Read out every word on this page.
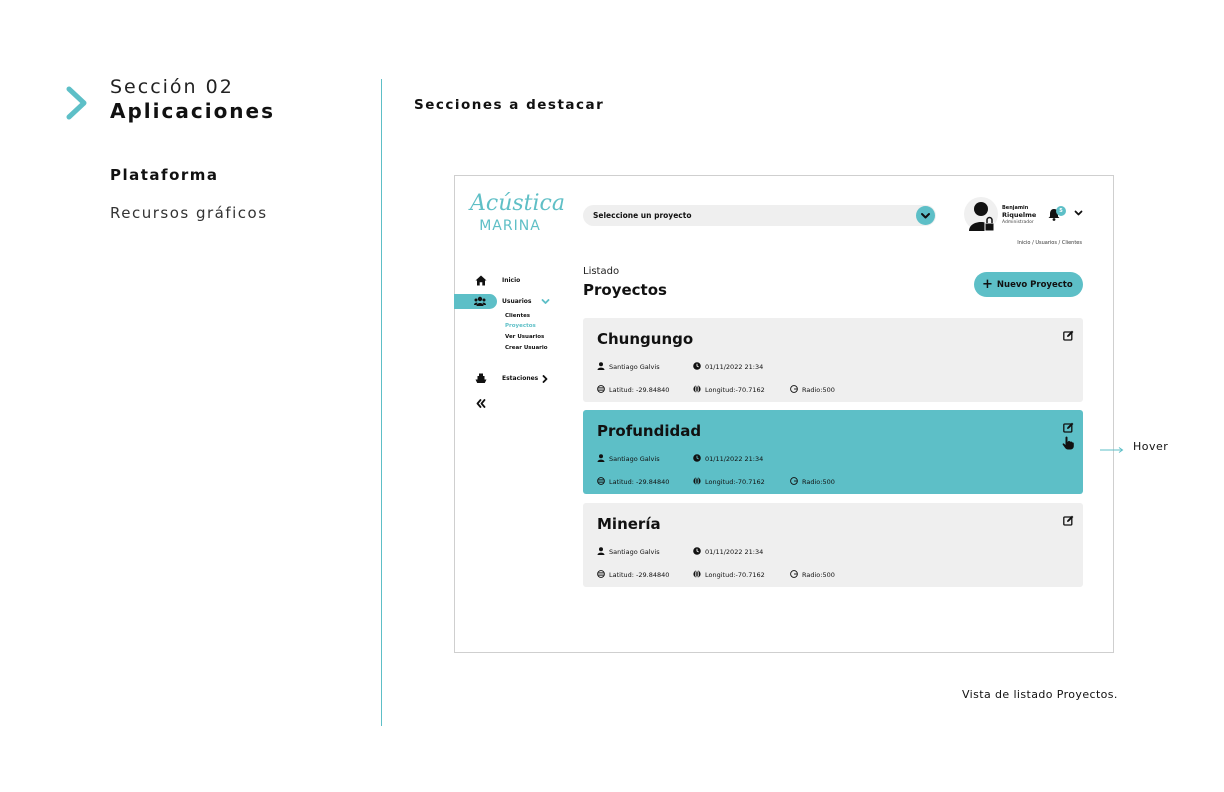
Sección 02
Aplicaciones
Plataforma
Recursos gráficos
Secciones a destacar
Acústica
MARINA
Seleccione un proyecto
Benjamin
Riquelme
Administrador
5
Inicio / Usuarios / Clientes
Inicio
Usuarios
Clientes
Proyectos
Ver Usuarios
Crear Usuario
Estaciones
Listado
Proyectos	+ Nuevo Proyecto
Chungungo
Santiago Galvis	01/11/2022 21:34
Latitud: -29.84840	Longitud:-70.7162	Radio:500
Profundidad
Santiago Galvis	01/11/2022 21:34
Latitud: -29.84840	Longitud:-70.7162	Radio:500
Minería
Santiago Galvis	01/11/2022 21:34
Latitud: -29.84840	Longitud:-70.7162	Radio:500
Hover
Vista de listado Proyectos.
